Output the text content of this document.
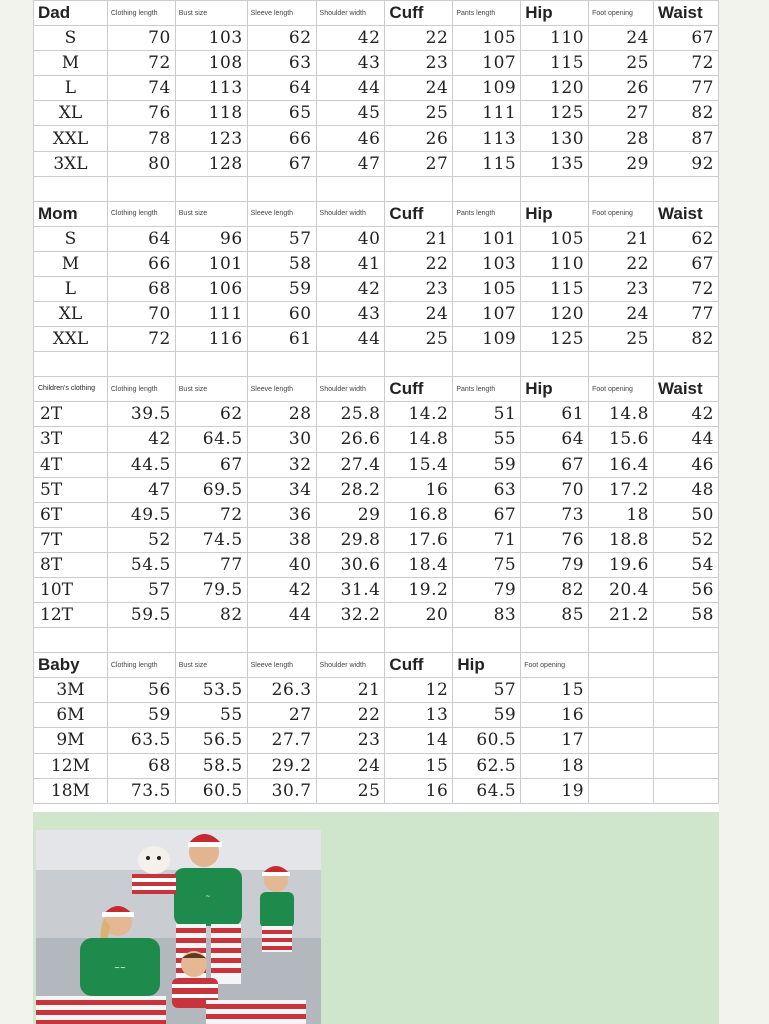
Dad	Clothing length	Bust size	Sleeve length	Shoulder width	Cuff	Pants length	Hip	Foot opening	Waist
S	70	103	62	42	22	105	110	24	67
M	72	108	63	43	23	107	115	25	72
L	74	113	64	44	24	109	120	26	77
XL	76	118	65	45	25	111	125	27	82
XXL	78	123	66	46	26	113	130	28	87
3XL	80	128	67	47	27	115	135	29	92

Mom	Clothing length	Bust size	Sleeve length	Shoulder width	Cuff	Pants length	Hip	Foot opening	Waist
S	64	96	57	40	21	101	105	21	62
M	66	101	58	41	22	103	110	22	67
L	68	106	59	42	23	105	115	23	72
XL	70	111	60	43	24	107	120	24	77
XXL	72	116	61	44	25	109	125	25	82

Children's clothing	Clothing length	Bust size	Sleeve length	Shoulder width	Cuff	Pants length	Hip	Foot opening	Waist
2T	39.5	62	28	25.8	14.2	51	61	14.8	42
3T	42	64.5	30	26.6	14.8	55	64	15.6	44
4T	44.5	67	32	27.4	15.4	59	67	16.4	46
5T	47	69.5	34	28.2	16	63	70	17.2	48
6T	49.5	72	36	29	16.8	67	73	18	50
7T	52	74.5	38	29.8	17.6	71	76	18.8	52
8T	54.5	77	40	30.6	18.4	75	79	19.6	54
10T	57	79.5	42	31.4	19.2	79	82	20.4	56
12T	59.5	82	44	32.2	20	83	85	21.2	58

Baby	Clothing length	Bust size	Sleeve length	Shoulder width	Cuff	Hip	Foot opening		
3M	56	53.5	26.3	21	12	57	15		
6M	59	55	27	22	13	59	16		
9M	63.5	56.5	27.7	23	14	60.5	17		
12M	68	58.5	29.2	24	15	62.5	18		
18M	73.5	60.5	30.7	25	16	64.5	19		
~
~~
